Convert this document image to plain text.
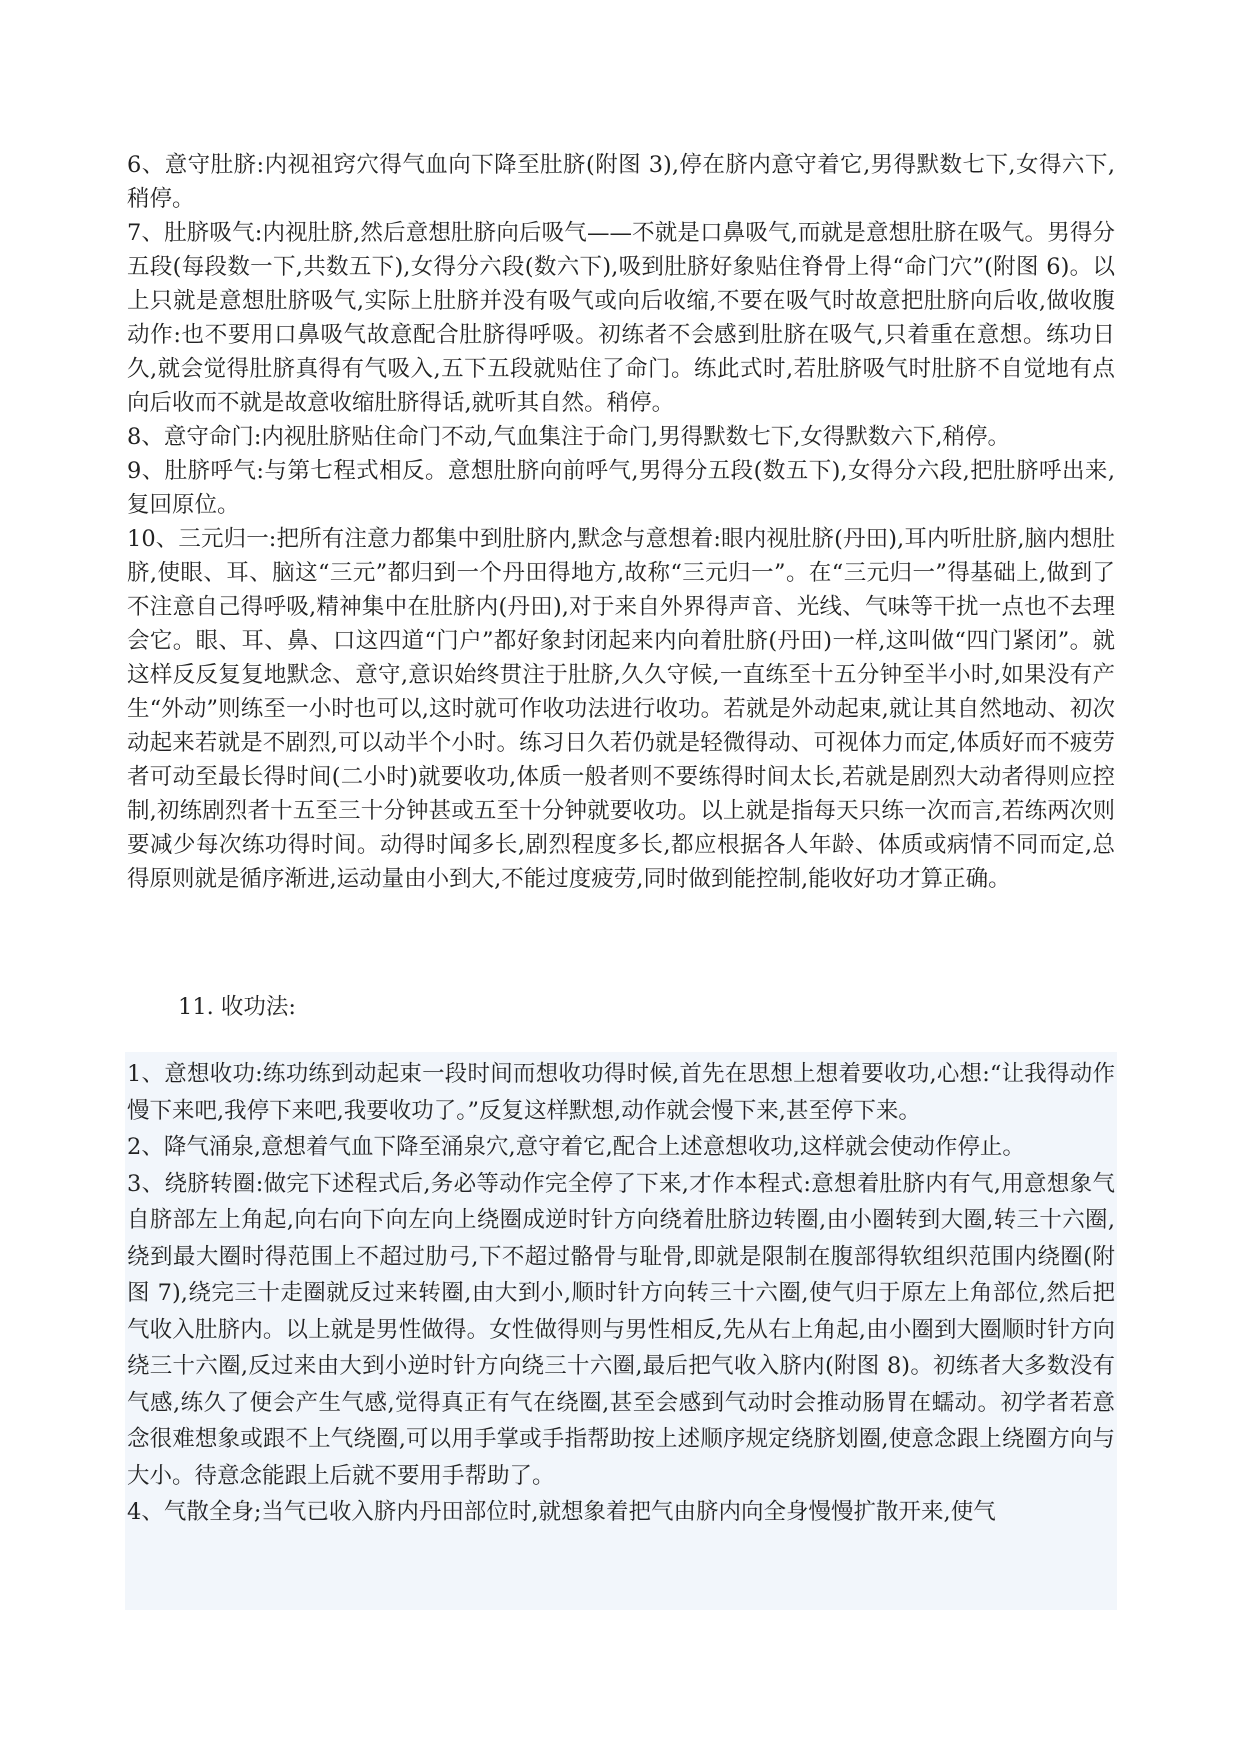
6、意守肚脐:内视祖窍穴得气血向下降至肚脐(附图 3),停在脐内意守着它,男得默数七下,女得六下,稍停。

7、肚脐吸气:内视肚脐,然后意想肚脐向后吸气——不就是口鼻吸气,而就是意想肚脐在吸气。男得分五段(每段数一下,共数五下),女得分六段(数六下),吸到肚脐好象贴住脊骨上得“命门穴”(附图 6)。以上只就是意想肚脐吸气,实际上肚脐并没有吸气或向后收缩,不要在吸气时故意把肚脐向后收,做收腹动作:也不要用口鼻吸气故意配合肚脐得呼吸。初练者不会感到肚脐在吸气,只着重在意想。练功日久,就会觉得肚脐真得有气吸入,五下五段就贴住了命门。练此式时,若肚脐吸气时肚脐不自觉地有点向后收而不就是故意收缩肚脐得话,就听其自然。稍停。

8、意守命门:内视肚脐贴住命门不动,气血集注于命门,男得默数七下,女得默数六下,稍停。

9、肚脐呼气:与第七程式相反。意想肚脐向前呼气,男得分五段(数五下),女得分六段,把肚脐呼出来,复回原位。

10、三元归一:把所有注意力都集中到肚脐内,默念与意想着:眼内视肚脐(丹田),耳内听肚脐,脑内想肚脐,使眼、耳、脑这“三元”都归到一个丹田得地方,故称“三元归一”。在“三元归一”得基础上,做到了不注意自己得呼吸,精神集中在肚脐内(丹田),对于来自外界得声音、光线、气味等干扰一点也不去理会它。眼、耳、鼻、口这四道“门户”都好象封闭起来内向着肚脐(丹田)一样,这叫做“四门紧闭”。就这样反反复复地默念、意守,意识始终贯注于肚脐,久久守候,一直练至十五分钟至半小时,如果没有产生“外动”则练至一小时也可以,这时就可作收功法进行收功。若就是外动起束,就让其自然地动、初次动起来若就是不剧烈,可以动半个小时。练习日久若仍就是轻微得动、可视体力而定,体质好而不疲劳者可动至最长得时间(二小时)就要收功,体质一般者则不要练得时间太长,若就是剧烈大动者得则应控制,初练剧烈者十五至三十分钟甚或五至十分钟就要收功。以上就是指每天只练一次而言,若练两次则要减少每次练功得时间。动得时闻多长,剧烈程度多长,都应根据各人年龄、体质或病情不同而定,总得原则就是循序渐进,运动量由小到大,不能过度疲劳,同时做到能控制,能收好功才算正确。

11. 收功法:

1、意想收功:练功练到动起束一段时间而想收功得时候,首先在思想上想着要收功,心想:“让我得动作慢下来吧,我停下来吧,我要收功了。”反复这样默想,动作就会慢下来,甚至停下来。

2、降气涌泉,意想着气血下降至涌泉穴,意守着它,配合上述意想收功,这样就会使动作停止。

3、绕脐转圈:做完下述程式后,务必等动作完全停了下来,才作本程式:意想着肚脐内有气,用意想象气自脐部左上角起,向右向下向左向上绕圈成逆时针方向绕着肚脐边转圈,由小圈转到大圈,转三十六圈,绕到最大圈时得范围上不超过肋弓,下不超过骼骨与耻骨,即就是限制在腹部得软组织范围内绕圈(附图 7),绕完三十走圈就反过来转圈,由大到小,顺时针方向转三十六圈,使气归于原左上角部位,然后把气收入肚脐内。以上就是男性做得。女性做得则与男性相反,先从右上角起,由小圈到大圈顺时针方向绕三十六圈,反过来由大到小逆时针方向绕三十六圈,最后把气收入脐内(附图 8)。初练者大多数没有气感,练久了便会产生气感,觉得真正有气在绕圈,甚至会感到气动时会推动肠胃在蠕动。初学者若意念很难想象或跟不上气绕圈,可以用手掌或手指帮助按上述顺序规定绕脐划圈,使意念跟上绕圈方向与大小。待意念能跟上后就不要用手帮助了。

4、气散全身;当气已收入脐内丹田部位时,就想象着把气由脐内向全身慢慢扩散开来,使气
